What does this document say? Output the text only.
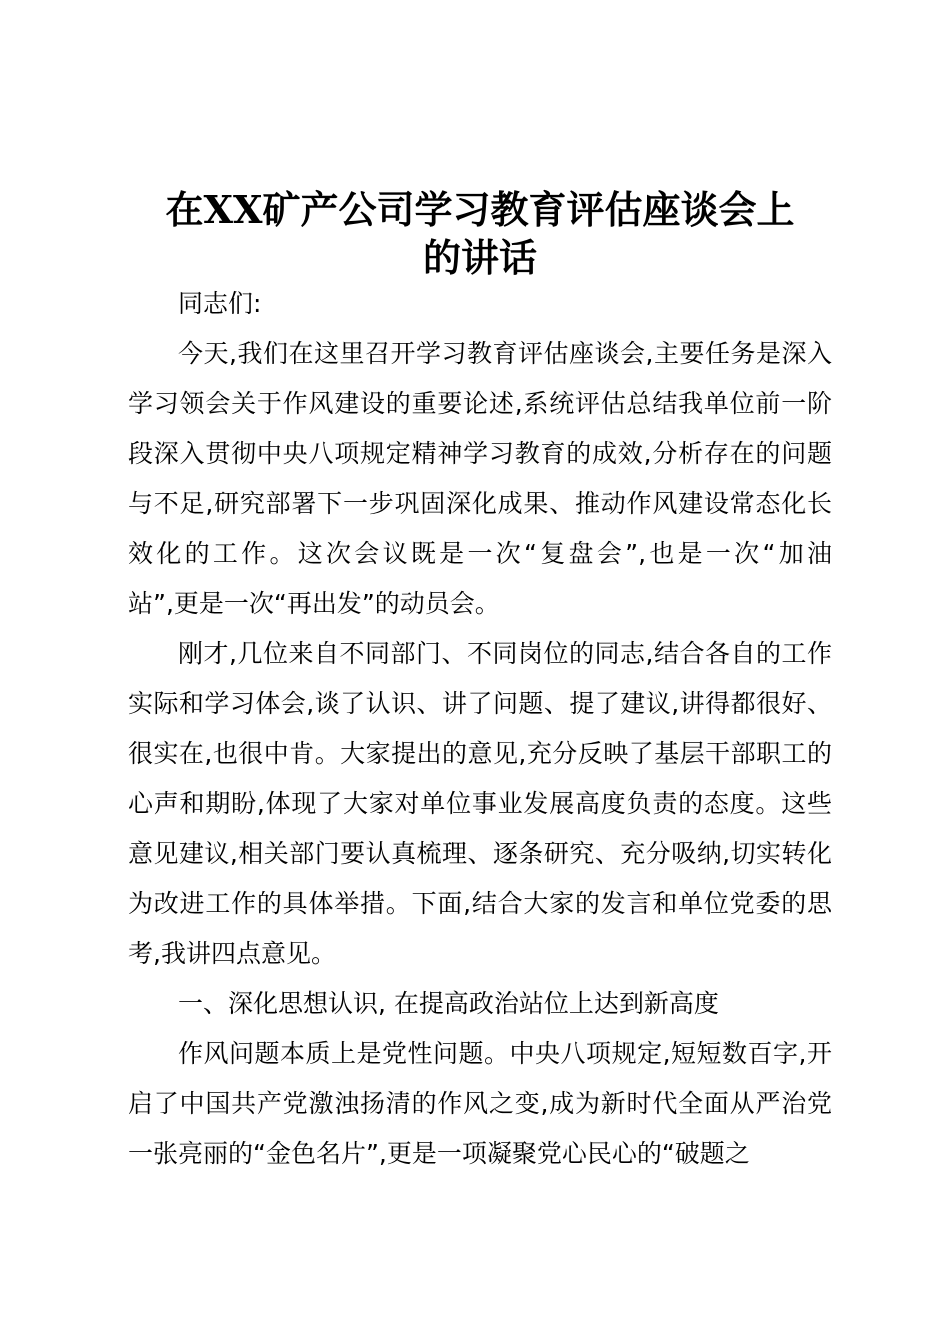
在XX矿产公司学习教育评估座谈会上
的讲话
同志们:
今天,我们在这里召开学习教育评估座谈会,主要任务是深入
学习领会关于作风建设的重要论述,系统评估总结我单位前一阶
段深入贯彻中央八项规定精神学习教育的成效,分析存在的问题
与不足,研究部署下一步巩固深化成果、推动作风建设常态化长
效化的工作。这次会议既是一次“复盘会”,也是一次“加油
站”,更是一次“再出发”的动员会。
刚才,几位来自不同部门、不同岗位的同志,结合各自的工作
实际和学习体会,谈了认识、讲了问题、提了建议,讲得都很好、
很实在,也很中肯。大家提出的意见,充分反映了基层干部职工的
心声和期盼,体现了大家对单位事业发展高度负责的态度。这些
意见建议,相关部门要认真梳理、逐条研究、充分吸纳,切实转化
为改进工作的具体举措。下面,结合大家的发言和单位党委的思
考,我讲四点意见。
一、深化思想认识, 在提高政治站位上达到新高度
作风问题本质上是党性问题。中央八项规定,短短数百字,开
启了中国共产党激浊扬清的作风之变,成为新时代全面从严治党
一张亮丽的“金色名片”,更是一项凝聚党心民心的“破题之
